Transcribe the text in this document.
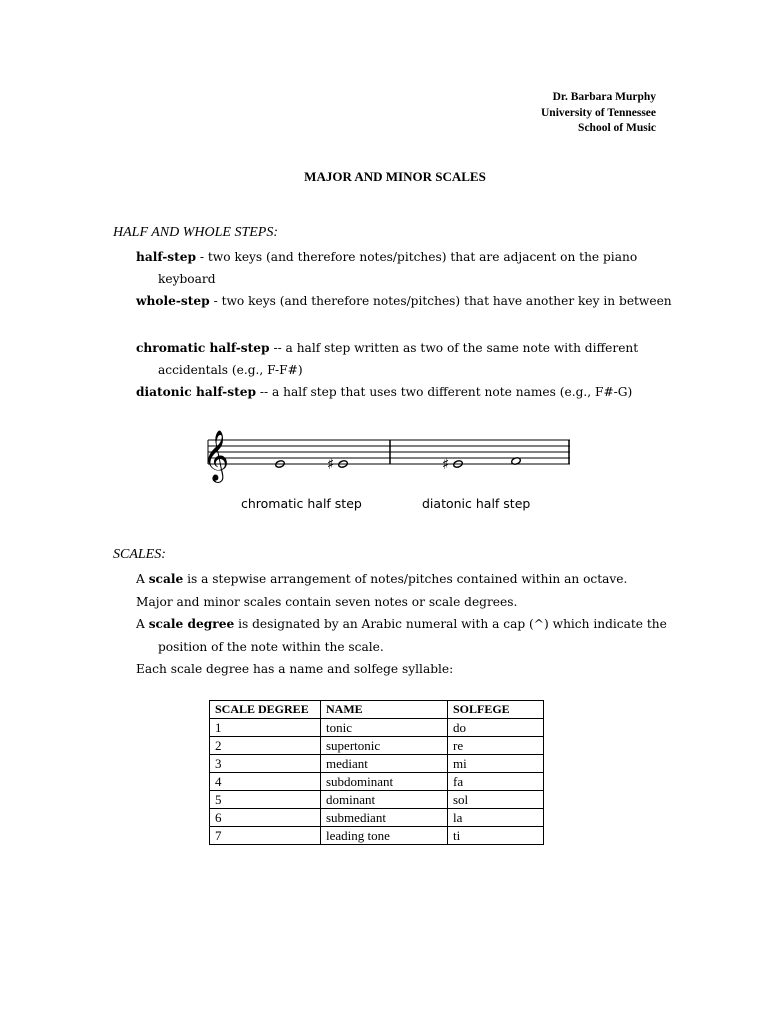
Dr. Barbara Murphy
University of Tennessee
School of Music
MAJOR AND MINOR SCALES
HALF AND WHOLE STEPS:
half-step - two keys (and therefore notes/pitches) that are adjacent on the piano
keyboard
whole-step - two keys (and therefore notes/pitches) that have another key in between
chromatic half-step -- a half step written as two of the same note with different
accidentals (e.g., F-F#)
diatonic half-step -- a half step that uses two different note names (e.g., F#-G)
𝄞	♯	♯
chromatic half step	diatonic half step
SCALES:
A scale is a stepwise arrangement of notes/pitches contained within an octave.
Major and minor scales contain seven notes or scale degrees.
A scale degree is designated by an Arabic numeral with a cap (^) which indicate the
position of the note within the scale.
Each scale degree has a name and solfege syllable:
SCALE DEGREE	NAME	SOLFEGE
1	tonic	do
2	supertonic	re
3	mediant	mi
4	subdominant	fa
5	dominant	sol
6	submediant	la
7	leading tone	ti
